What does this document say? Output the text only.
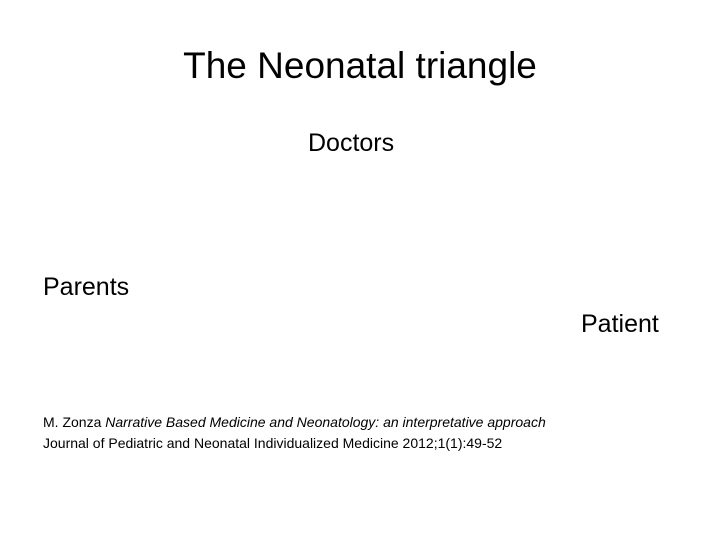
The Neonatal triangle
Doctors
Parents
Patient
M. Zonza Narrative Based Medicine and Neonatology: an interpretative approach
Journal of Pediatric and Neonatal Individualized Medicine 2012;1(1):49-52
